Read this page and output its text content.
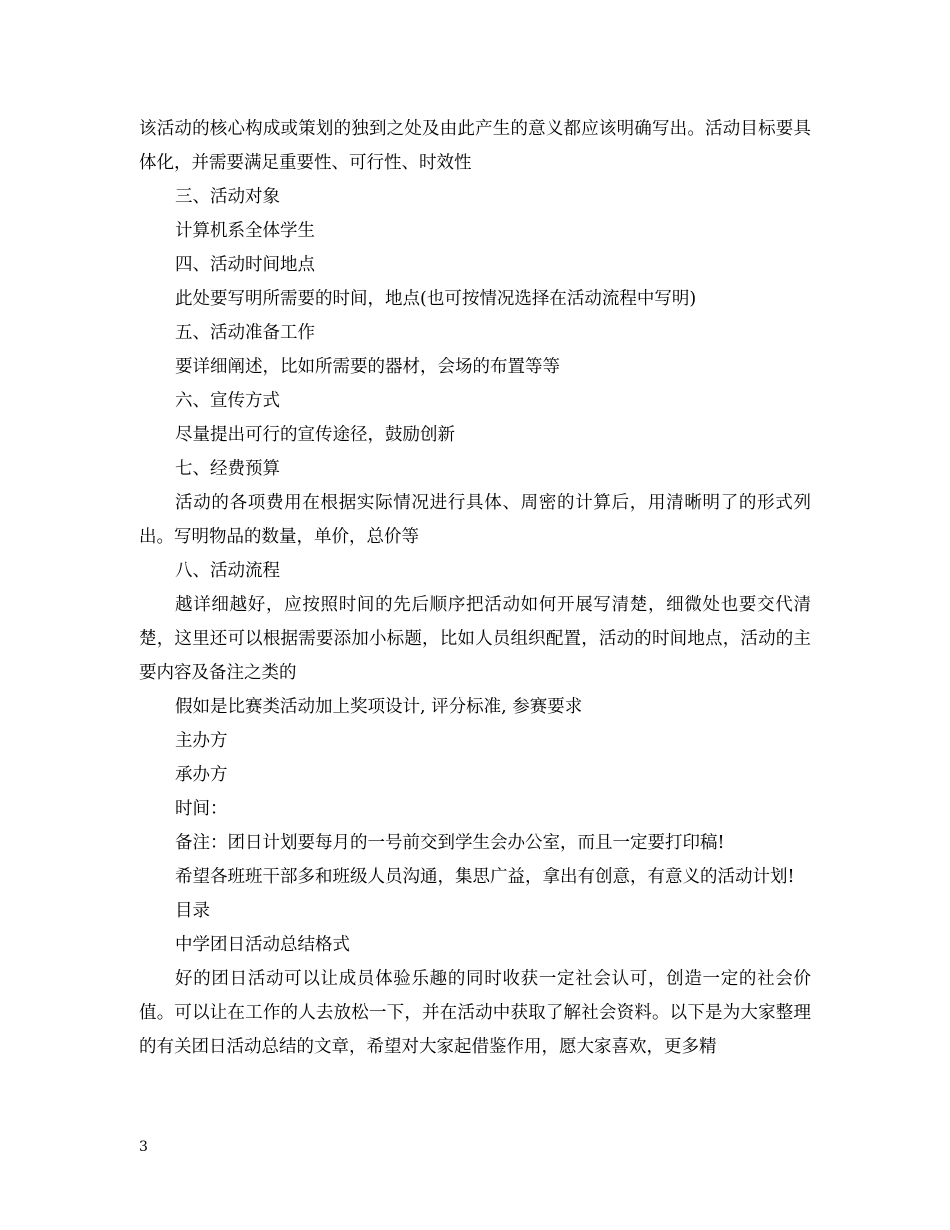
该活动的核心构成或策划的独到之处及由此产生的意义都应该明确写出。活动目标要具体化，并需要满足重要性、可行性、时效性

三、活动对象

计算机系全体学生

四、活动时间地点

此处要写明所需要的时间，地点(也可按情况选择在活动流程中写明)

五、活动准备工作

要详细阐述，比如所需要的器材，会场的布置等等

六、宣传方式

尽量提出可行的宣传途径，鼓励创新

七、经费预算

活动的各项费用在根据实际情况进行具体、周密的计算后，用清晰明了的形式列出。写明物品的数量，单价，总价等

八、活动流程

越详细越好，应按照时间的先后顺序把活动如何开展写清楚，细微处也要交代清楚，这里还可以根据需要添加小标题，比如人员组织配置，活动的时间地点，活动的主要内容及备注之类的

假如是比赛类活动加上奖项设计, 评分标准, 参赛要求

主办方

承办方

时间：

备注：团日计划要每月的一号前交到学生会办公室，而且一定要打印稿!

希望各班班干部多和班级人员沟通，集思广益，拿出有创意，有意义的活动计划!

目录

中学团日活动总结格式

好的团日活动可以让成员体验乐趣的同时收获一定社会认可，创造一定的社会价值。可以让在工作的人去放松一下，并在活动中获取了解社会资料。以下是为大家整理的有关团日活动总结的文章，希望对大家起借鉴作用，愿大家喜欢，更多精

3
